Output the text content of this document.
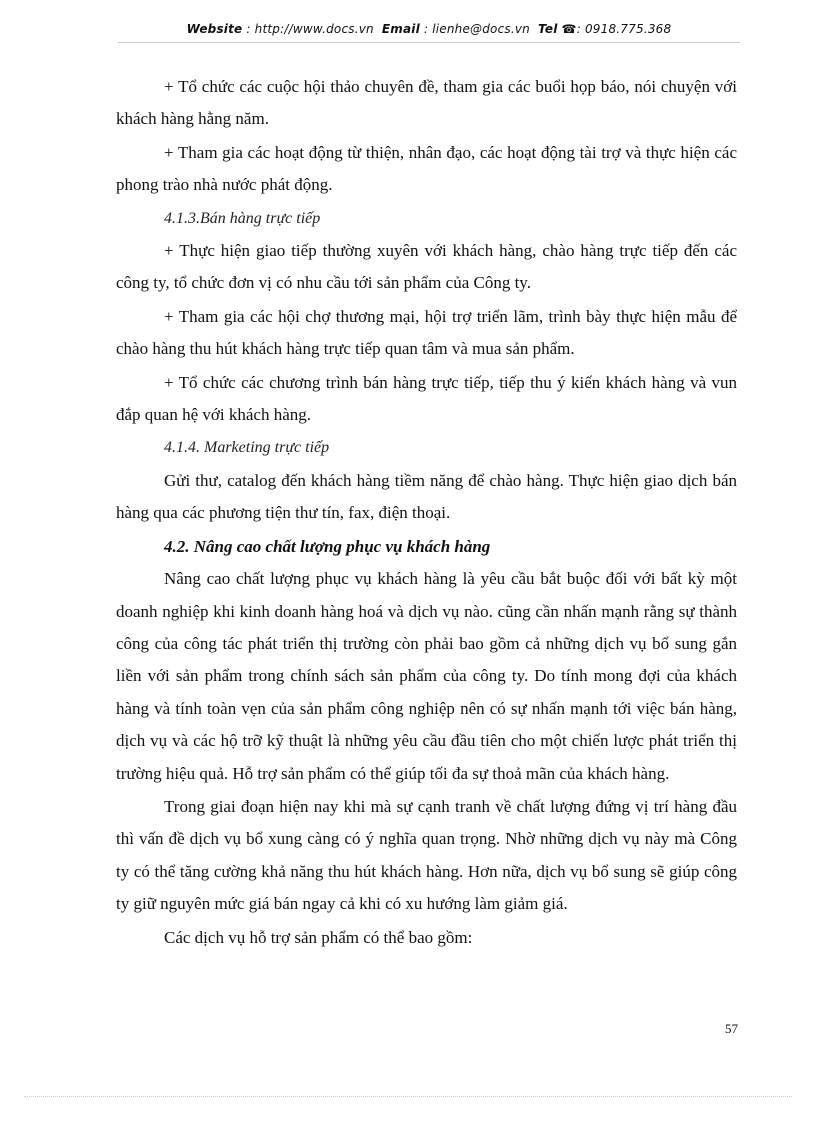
Website : http://www.docs.vn Email : lienhe@docs.vn Tel ☎: 0918.775.368

+ Tổ chức các cuộc hội thảo chuyên đề, tham gia các buổi họp báo, nói chuyện với khách hàng hằng năm.

+ Tham gia các hoạt động từ thiện, nhân đạo, các hoạt động tài trợ và thực hiện các phong trào nhà nước phát động.

4.1.3.Bán hàng trực tiếp

+ Thực hiện giao tiếp thường xuyên với khách hàng, chào hàng trực tiếp đến các công ty, tổ chức đơn vị có nhu cầu tới sản phẩm của Công ty.

+ Tham gia các hội chợ thương mại, hội trợ triển lãm, trình bày thực hiện mẫu để chào hàng thu hút khách hàng trực tiếp quan tâm và mua sản phẩm.

+ Tổ chức các chương trình bán hàng trực tiếp, tiếp thu ý kiến khách hàng và vun đắp quan hệ với khách hàng.

4.1.4. Marketing trực tiếp

Gửi thư, catalog đến khách hàng tiềm năng để chào hàng. Thực hiện giao dịch bán hàng qua các phương tiện thư tín, fax, điện thoại.

4.2. Nâng cao chất lượng phục vụ khách hàng

Nâng cao chất lượng phục vụ khách hàng là yêu cầu bắt buộc đối với bất kỳ một doanh nghiệp khi kinh doanh hàng hoá và dịch vụ nào. cũng cần nhấn mạnh rằng sự thành công của công tác phát triển thị trường còn phải bao gồm cả những dịch vụ bổ sung gắn liền với sản phẩm trong chính sách sản phẩm của công ty. Do tính mong đợi của khách hàng và tính toàn vẹn của sản phẩm công nghiệp nên có sự nhấn mạnh tới việc bán hàng, dịch vụ và các hộ trỡ kỹ thuật là những yêu cầu đầu tiên cho một chiến lược phát triển thị trường hiệu quả. Hỗ trợ sản phẩm có thể giúp tối đa sự thoả mãn của khách hàng.

Trong giai đoạn hiện nay khi mà sự cạnh tranh về chất lượng đứng vị trí hàng đầu thì vấn đề dịch vụ bổ xung càng có ý nghĩa quan trọng. Nhờ những dịch vụ này mà Công ty có thể tăng cường khả năng thu hút khách hàng. Hơn nữa, dịch vụ bổ sung sẽ giúp công ty giữ nguyên mức giá bán ngay cả khi có xu hướng làm giảm giá.

Các dịch vụ hỗ trợ sản phẩm có thể bao gồm:

57
